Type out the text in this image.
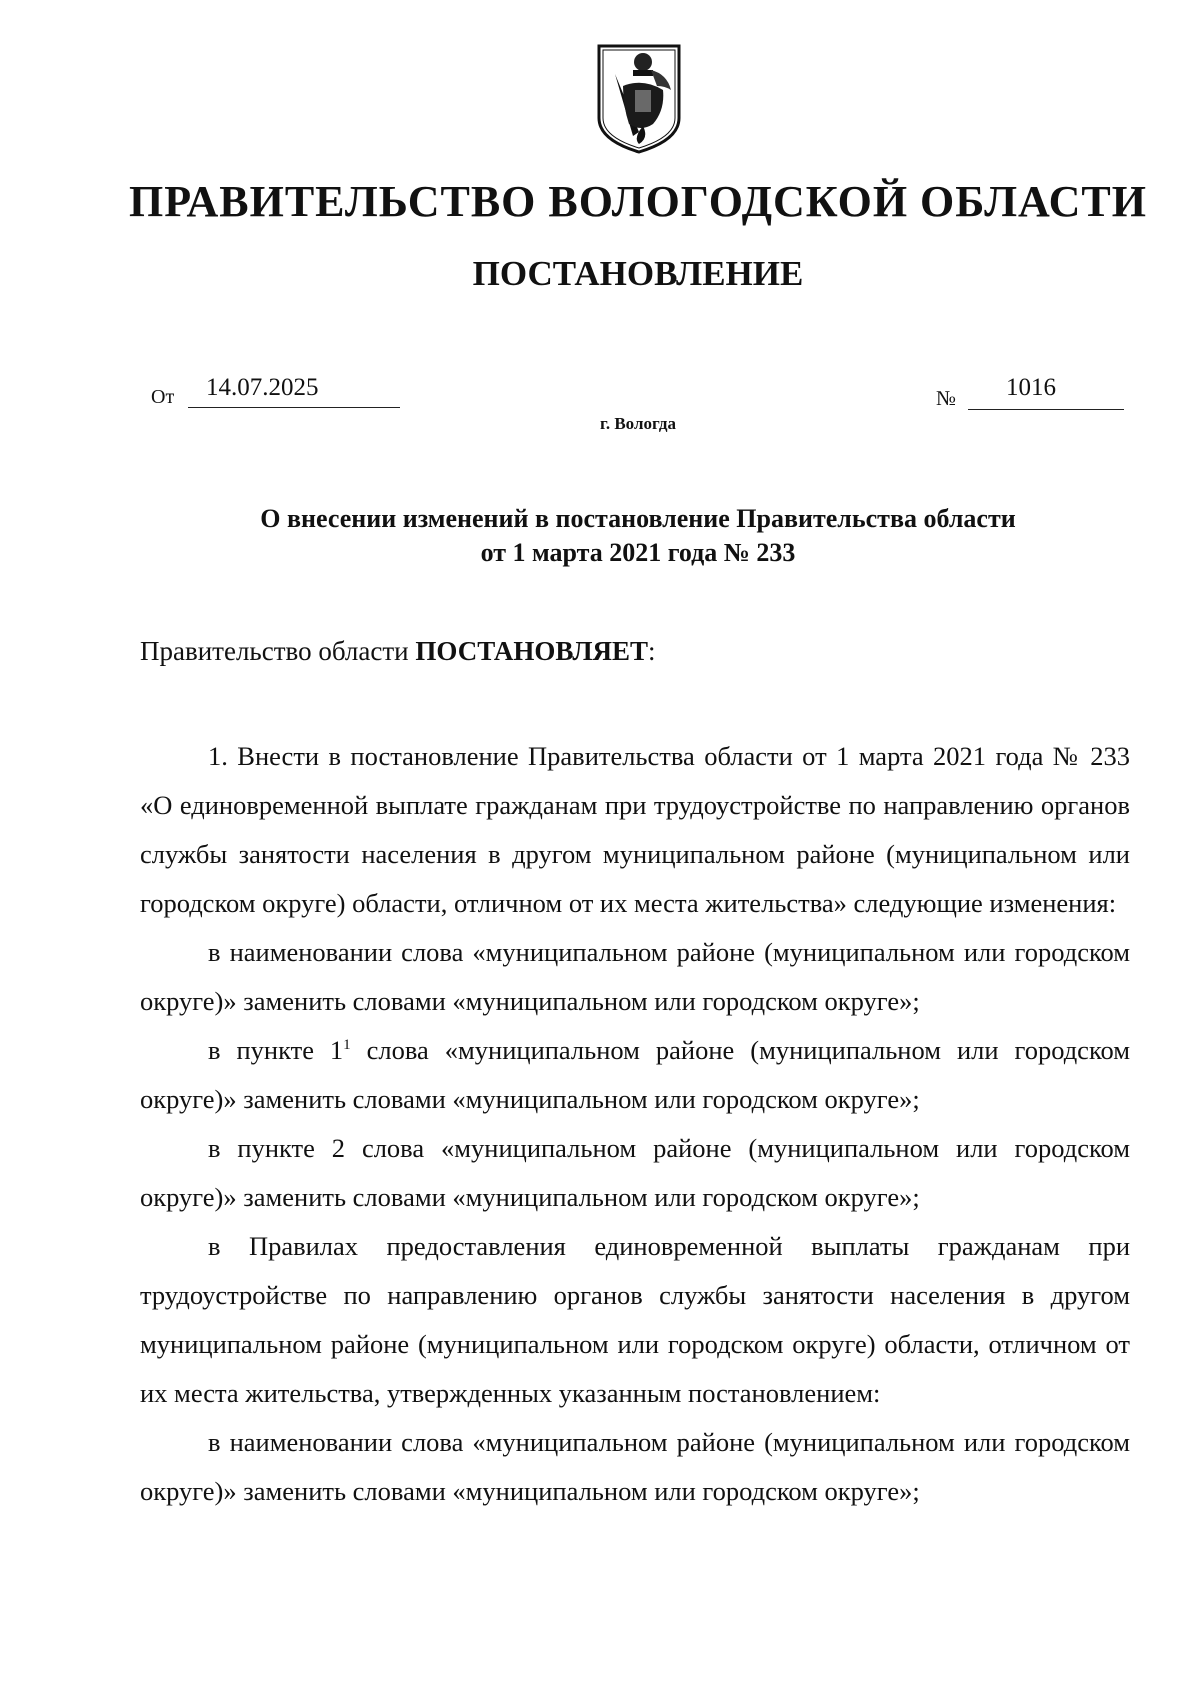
ПРАВИТЕЛЬСТВО ВОЛОГОДСКОЙ ОБЛАСТИ
ПОСТАНОВЛЕНИЕ
От	14.07.2025	№	1016
г. Вологда
О внесении изменений в постановление Правительства области
от 1 марта 2021 года № 233
Правительство области ПОСТАНОВЛЯЕТ:

1. Внести в постановление Правительства области от 1 марта 2021 года № 233 «О единовременной выплате гражданам при трудоустройстве по направлению органов службы занятости населения в другом муниципальном районе (муниципальном или городском округе) области, отличном от их места жительства» следующие изменения:

в наименовании слова «муниципальном районе (муниципальном или городском округе)» заменить словами «муниципальном или городском округе»;

в пункте $1^1$ слова «муниципальном районе (муниципальном или городском округе)» заменить словами «муниципальном или городском округе»;

в пункте 2 слова «муниципальном районе (муниципальном или городском округе)» заменить словами «муниципальном или городском округе»;

в Правилах предоставления единовременной выплаты гражданам при трудоустройстве по направлению органов службы занятости населения в другом муниципальном районе (муниципальном или городском округе) области, отличном от их места жительства, утвержденных указанным постановлением:

в наименовании слова «муниципальном районе (муниципальном или городском округе)» заменить словами «муниципальном или городском округе»;
